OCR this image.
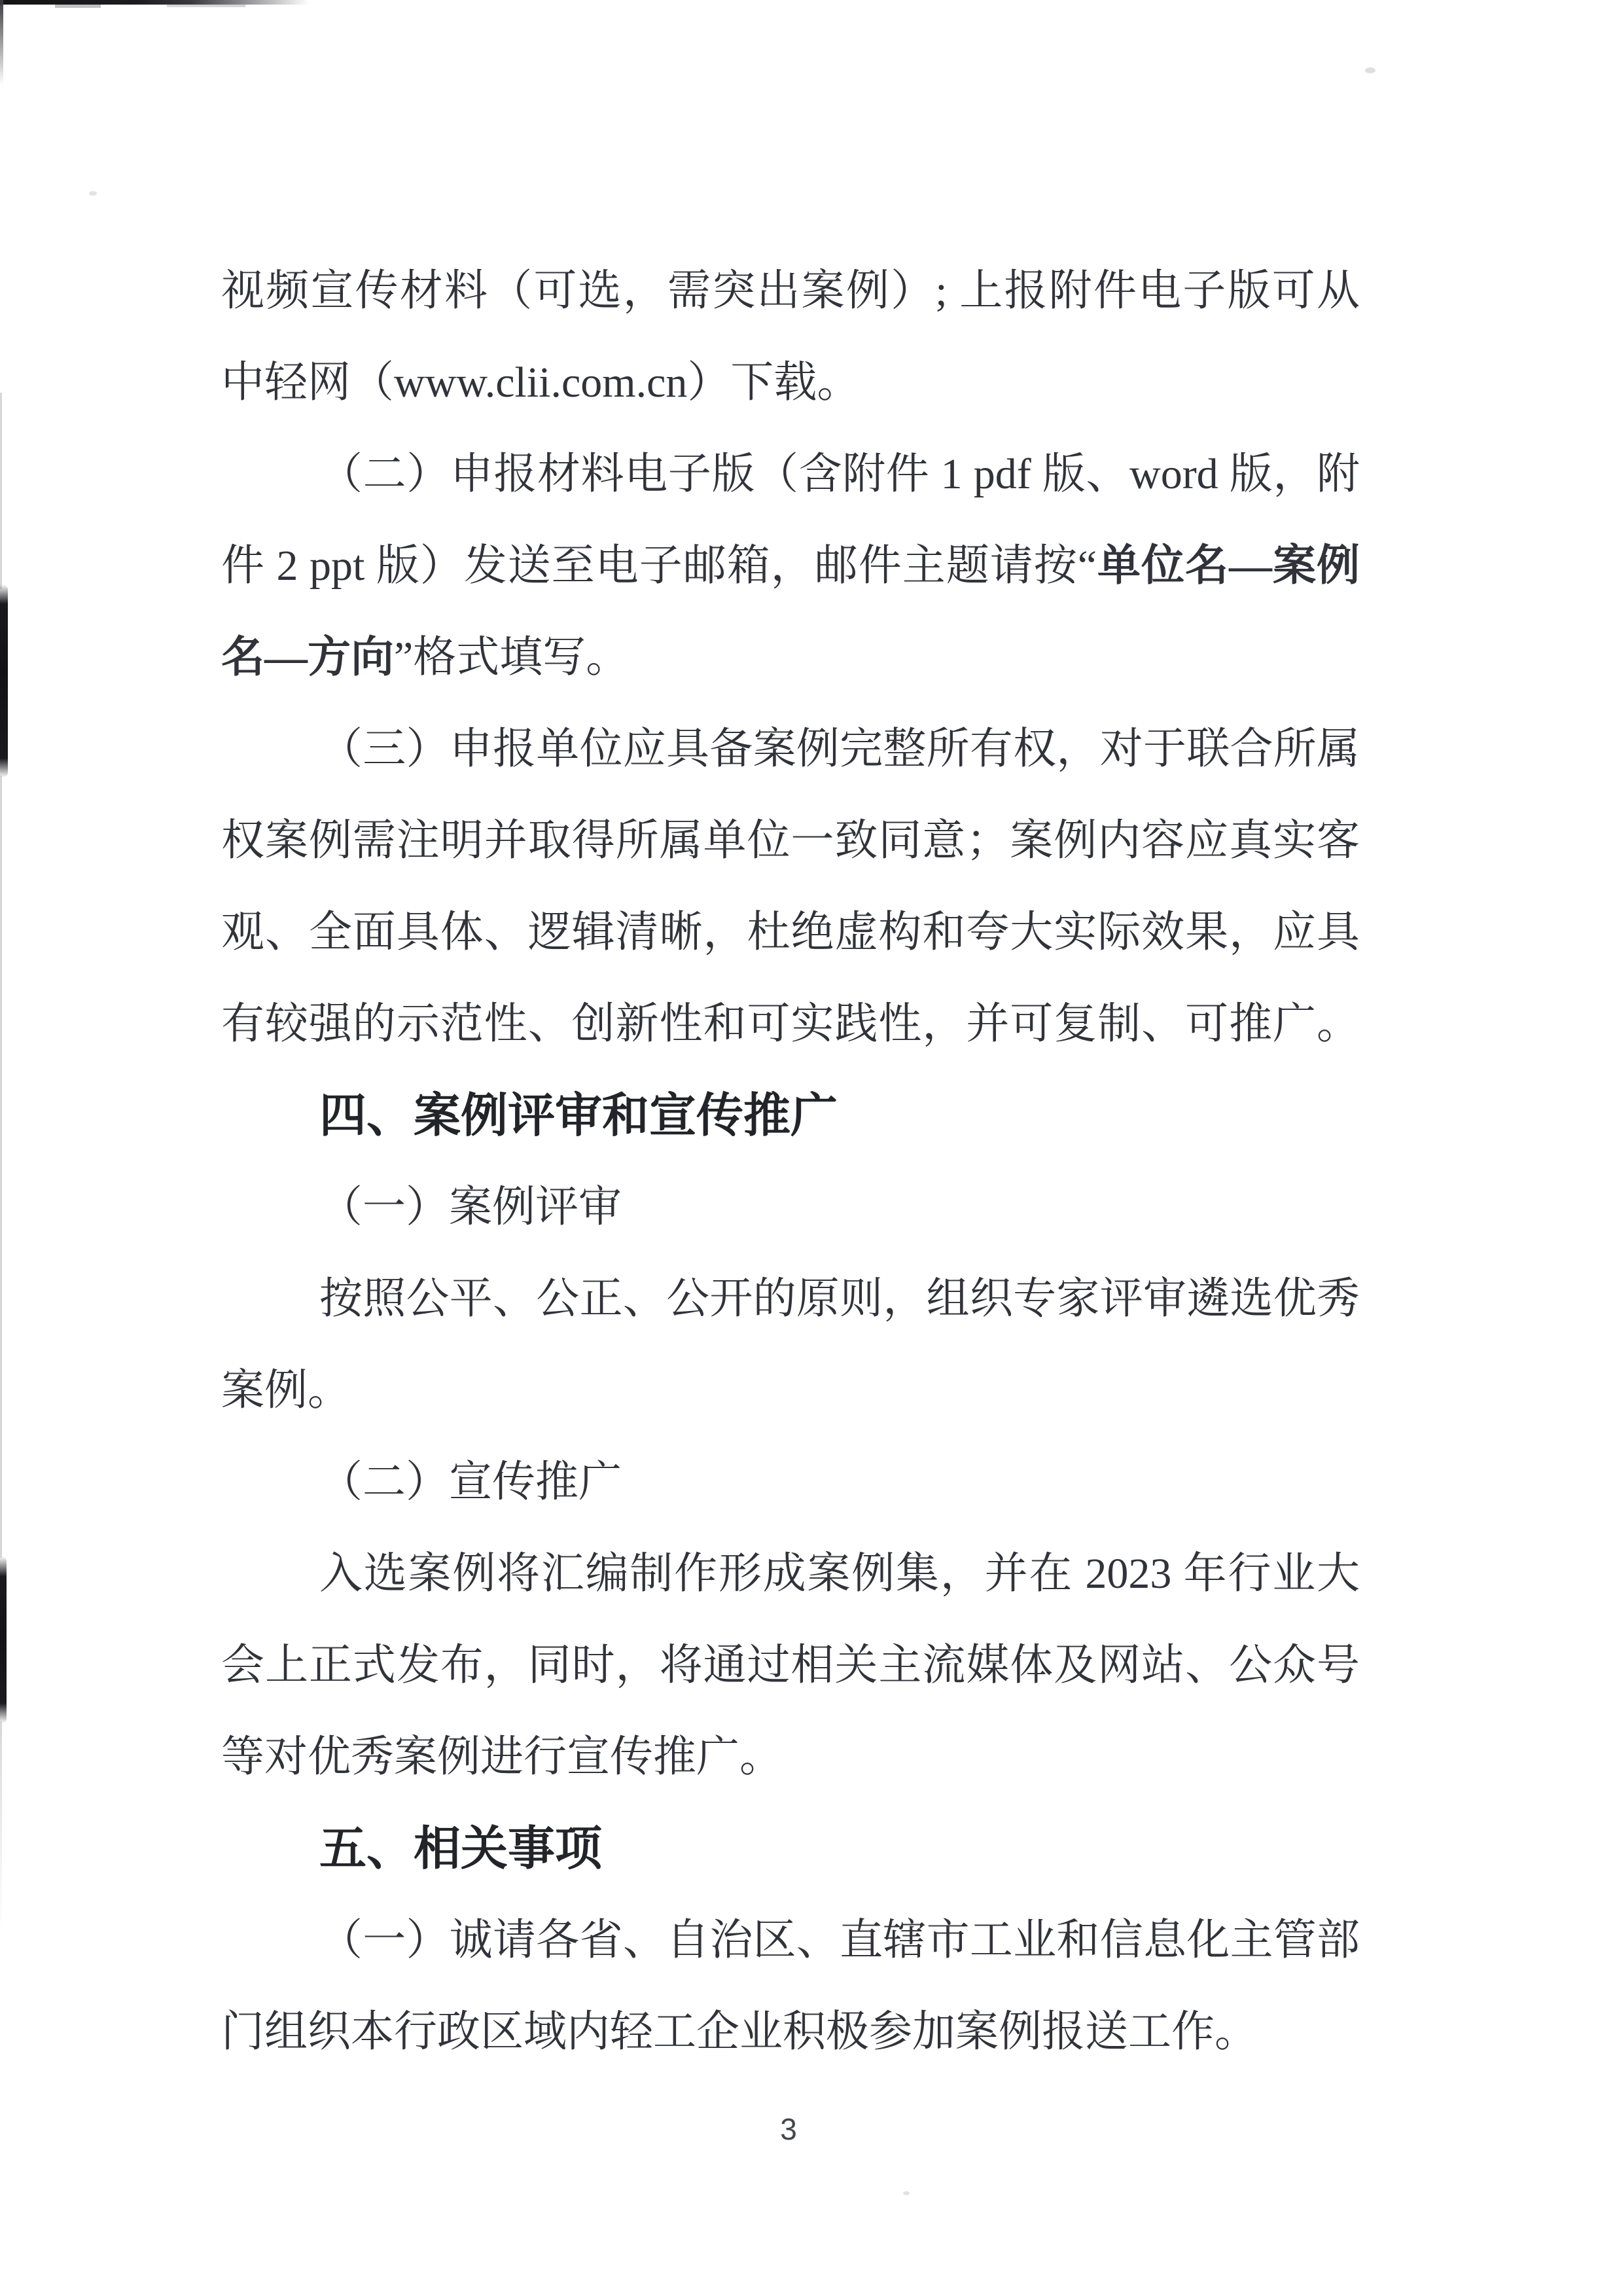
视频宣传材料（可选，需突出案例）; 上报附件电子版可从
中轻网（www.clii.com.cn）下载。
（二）申报材料电子版（含附件 1 pdf 版、word 版，附
件 2 ppt 版）发送至电子邮箱，邮件主题请按“单位名—案例
名—方向”格式填写。
（三）申报单位应具备案例完整所有权，对于联合所属
权案例需注明并取得所属单位一致同意；案例内容应真实客
观、全面具体、逻辑清晰，杜绝虚构和夸大实际效果，应具
有较强的示范性、创新性和可实践性，并可复制、可推广。
四、案例评审和宣传推广
（一）案例评审
按照公平、公正、公开的原则，组织专家评审遴选优秀
案例。
（二）宣传推广
入选案例将汇编制作形成案例集，并在 2023 年行业大
会上正式发布，同时，将通过相关主流媒体及网站、公众号
等对优秀案例进行宣传推广。
五、相关事项
（一）诚请各省、自治区、直辖市工业和信息化主管部
门组织本行政区域内轻工企业积极参加案例报送工作。
3
